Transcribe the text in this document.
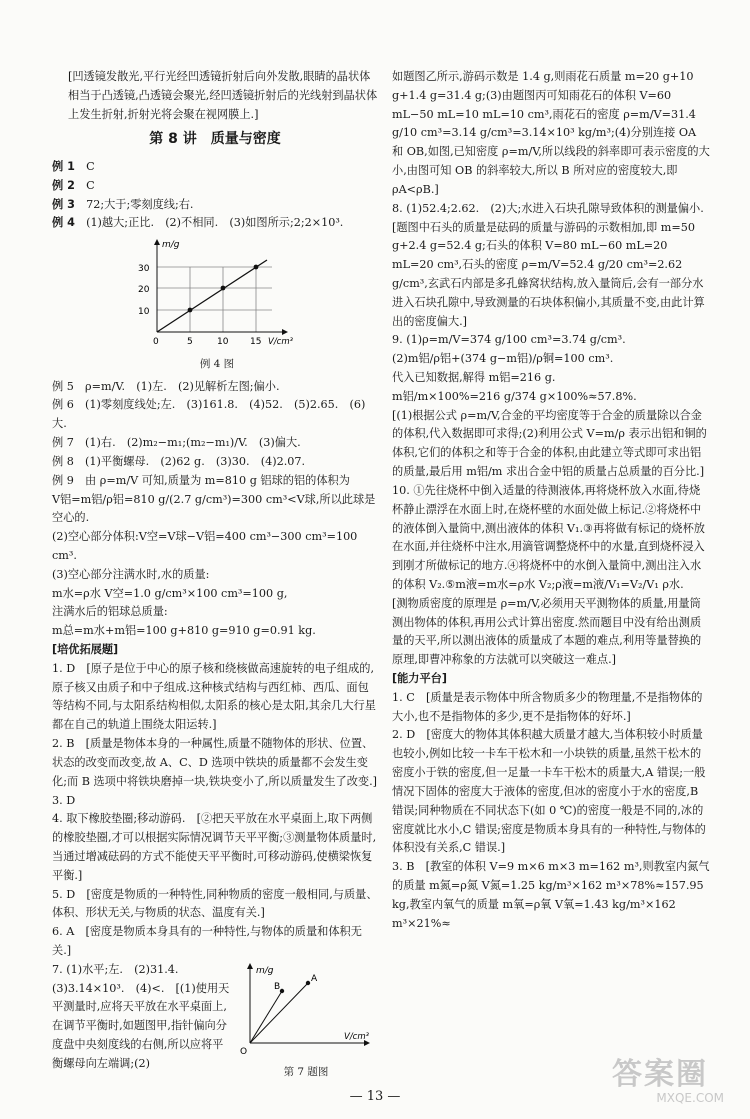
[凹透镜发散光,平行光经凹透镜折射后向外发散,眼睛的晶状体相当于凸透镜,凸透镜会聚光,经凹透镜折射后的光线射到晶状体上发生折射,折射光将会聚在视网膜上.]

第 8 讲　质量与密度

例 1　 C

例 2　 C

例 3　 72;大于;零刻度线;右.

例 4　 (1)越大;正比.　(2)不相同.　(3)如图所示;2;2×10³.

m/g
10
20
30
0	5	10 15 V/cm³
例 4 图

例 5　ρ=m/V.　(1)左.　(2)见解析左图;偏小.

例 6　(1)零刻度线处;左.　(3)161.8.　(4)52.　(5)2.65.　(6)大.

例 7　(1)右.　(2)m₂−m₁;(m₂−m₁)/V.　(3)偏大.

例 8　(1)平衡螺母.　(2)62 g.　(3)30.　(4)2.07.

例 9　由 ρ=m/V 可知,质量为 m=810 g 铝球的铝的体积为

V铝=m铝/ρ铝=810 g/(2.7 g/cm³)=300 cm³<V球,所以此球是空心的.

(2)空心部分体积:V空=V球−V铝=400 cm³−300 cm³=100 cm³.

(3)空心部分注满水时,水的质量:

m水=ρ水 V空=1.0 g/cm³×100 cm³=100 g,

注满水后的铝球总质量:

m总=m水+m铝=100 g+810 g=910 g=0.91 kg.

[培优拓展题]

1. D　[原子是位于中心的原子核和绕核做高速旋转的电子组成的,原子核又由质子和中子组成.这种核式结构与西红柿、西瓜、面包等结构不同,与太阳系结构相似,太阳系的核心是太阳,其余几大行星都在自己的轨道上围绕太阳运转.]

2. B　[质量是物体本身的一种属性,质量不随物体的形状、位置、状态的改变而改变,故 A、C、D 选项中铁块的质量都不会发生变化;而 B 选项中将铁块磨掉一块,铁块变小了,所以质量发生了改变.]

3. D

4. 取下橡胶垫圈;移动游码.　[②把天平放在水平桌面上,取下两侧的橡胶垫圈,才可以根据实际情况调节天平平衡;③测量物体质量时,当通过增减砝码的方式不能使天平平衡时,可移动游码,使横梁恢复平衡.]

5. D　[密度是物质的一种特性,同种物质的密度一般相同,与质量、体积、形状无关,与物质的状态、温度有关.]

6. A　[密度是物质本身具有的一种特性,与物体的质量和体积无关.]

7. (1)水平;左.　(2)31.4.　(3)3.14×10³.　(4)<.　[(1)使用天平测量时,应将天平放在水平桌面上,在调节平衡时,如题图甲,指针偏向分度盘中央刻度线的右侧,所以应将平衡螺母向左端调;(2)

m/g
B
A
O
V/cm³
第 7 题图

如题图乙所示,游码示数是 1.4 g,则雨花石质量 m=20 g+10 g+1.4 g=31.4 g;(3)由题图丙可知雨花石的体积 V=60 mL−50 mL=10 mL=10 cm³,雨花石的密度 ρ=m/V=31.4 g/10 cm³=3.14 g/cm³=3.14×10³ kg/m³;(4)分别连接 OA 和 OB,如图,已知密度 ρ=m/V,所以线段的斜率即可表示密度的大小,由图可知 OB 的斜率较大,所以 B 所对应的密度较大,即 ρA<ρB.]

8. (1)52.4;2.62.　(2)大;水进入石块孔隙导致体积的测量偏小.

[题图中石头的质量是砝码的质量与游码的示数相加,即 m=50 g+2.4 g=52.4 g;石头的体积 V=80 mL−60 mL=20 mL=20 cm³,石头的密度 ρ=m/V=52.4 g/20 cm³=2.62 g/cm³,玄武石内部是多孔蜂窝状结构,放入量筒后,会有一部分水进入石块孔隙中,导致测量的石块体积偏小,其质量不变,由此计算出的密度偏大.]

9. (1)ρ=m/V=374 g/100 cm³=3.74 g/cm³.

(2)m铝/ρ铝+(374 g−m铝)/ρ铜=100 cm³.

代入已知数据,解得 m铝=216 g.

m铝/m×100%=216 g/374 g×100%≈57.8%.

[(1)根据公式 ρ=m/V,合金的平均密度等于合金的质量除以合金的体积,代入数据即可求得;(2)利用公式 V=m/ρ 表示出铝和铜的体积,它们的体积之和等于合金的体积,由此建立等式即可求出铝的质量,最后用 m铝/m 求出合金中铝的质量占总质量的百分比.]

10. ①先往烧杯中倒入适量的待测液体,再将烧杯放入水面,待烧杯静止漂浮在水面上时,在烧杯壁的水面处做上标记.②将烧杯中的液体倒入量筒中,测出液体的体积 V₁.③再将做有标记的烧杯放在水面,并往烧杯中注水,用滴管调整烧杯中的水量,直到烧杯浸入到刚才所做标记的地方.④将烧杯中的水倒入量筒中,测出注入水的体积 V₂.⑤m液=m水=ρ水 V₂;ρ液=m液/V₁=V₂/V₁ ρ水.　[测物质密度的原理是 ρ=m/V,必须用天平测物体的质量,用量筒测出物体的体积,再用公式计算出密度.然而题目中没有给出测质量的天平,所以测出液体的质量成了本题的难点,利用等量替换的原理,即曹冲称象的方法就可以突破这一难点.]

[能力平台]

1. C　[质量是表示物体中所含物质多少的物理量,不是指物体的大小,也不是指物体的多少,更不是指物体的好坏.]

2. D　[密度大的物体其体积越大质量才越大,当体积较小时质量也较小,例如比较一卡车干松木和一小块铁的质量,虽然干松木的密度小于铁的密度,但一足量一卡车干松木的质量大,A 错误;一般情况下固体的密度大于液体的密度,但冰的密度小于水的密度,B 错误;同种物质在不同状态下(如 0 ℃)的密度一般是不同的,冰的密度就比水小,C 错误;密度是物质本身具有的一种特性,与物体的体积没有关系,C 错误.]

3. B　[教室的体积 V=9 m×6 m×3 m=162 m³,则教室内氮气的质量 m氮=ρ氮 V氮=1.25 kg/m³×162 m³×78%≈157.95 kg,教室内氧气的质量 m氧=ρ氧 V氧=1.43 kg/m³×162 m³×21%≈

— 13 —
答案圈
MXQE.COM
